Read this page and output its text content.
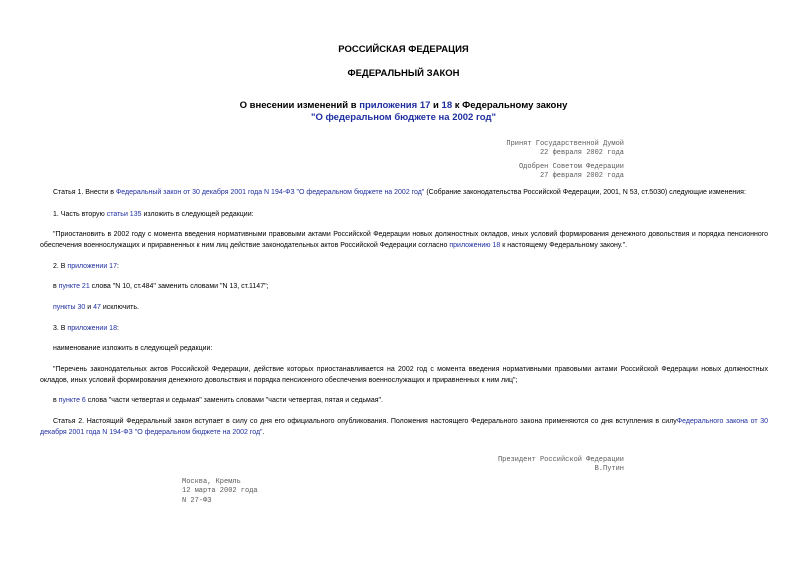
РОССИЙСКАЯ ФЕДЕРАЦИЯ
ФЕДЕРАЛЬНЫЙ ЗАКОН
О внесении изменений в приложения 17 и 18 к Федеральному закону
"О федеральном бюджете на 2002 год"
Принят Государственной Думой
22 февраля 2002 года
Одобрен Советом Федерации
27 февраля 2002 года
Статья 1. Внести в Федеральный закон от 30 декабря 2001 года N 194-ФЗ "О федеральном бюджете на 2002 год" (Собрание законодательства Российской Федерации, 2001, N 53, ст.5030) следующие изменения:
1. Часть вторую статьи 135 изложить в следующей редакции:
"Приостановить в 2002 году с момента введения нормативными правовыми актами Российской Федерации новых должностных окладов, иных условий формирования денежного довольствия и порядка пенсионного обеспечения военнослужащих и приравненных к ним лиц действие законодательных актов Российской Федерации согласно приложению 18 к настоящему Федеральному закону.".
2. В приложении 17:
в пункте 21 слова "N 10, ст.484" заменить словами "N 13, ст.1147";
пункты 30 и 47 исключить.
3. В приложении 18:
наименование изложить в следующей редакции:
"Перечень законодательных актов Российской Федерации, действие которых приостанавливается на 2002 год с момента введения нормативными правовыми актами Российской Федерации новых должностных окладов, иных условий формирования денежного довольствия и порядка пенсионного обеспечения военнослужащих и приравненных к ним лиц";
в пункте 6 слова "части четвертая и седьмая" заменить словами "части четвертая, пятая и седьмая".
Статья 2. Настоящий Федеральный закон вступает в силу со дня его официального опубликования. Положения настоящего Федерального закона применяются со дня вступления в силуФедерального закона от 30 декабря 2001 года N 194-ФЗ "О федеральном бюджете на 2002 год".
Президент Российской Федерации
В.Путин
Москва, Кремль
12 марта 2002 года
N 27-ФЗ
